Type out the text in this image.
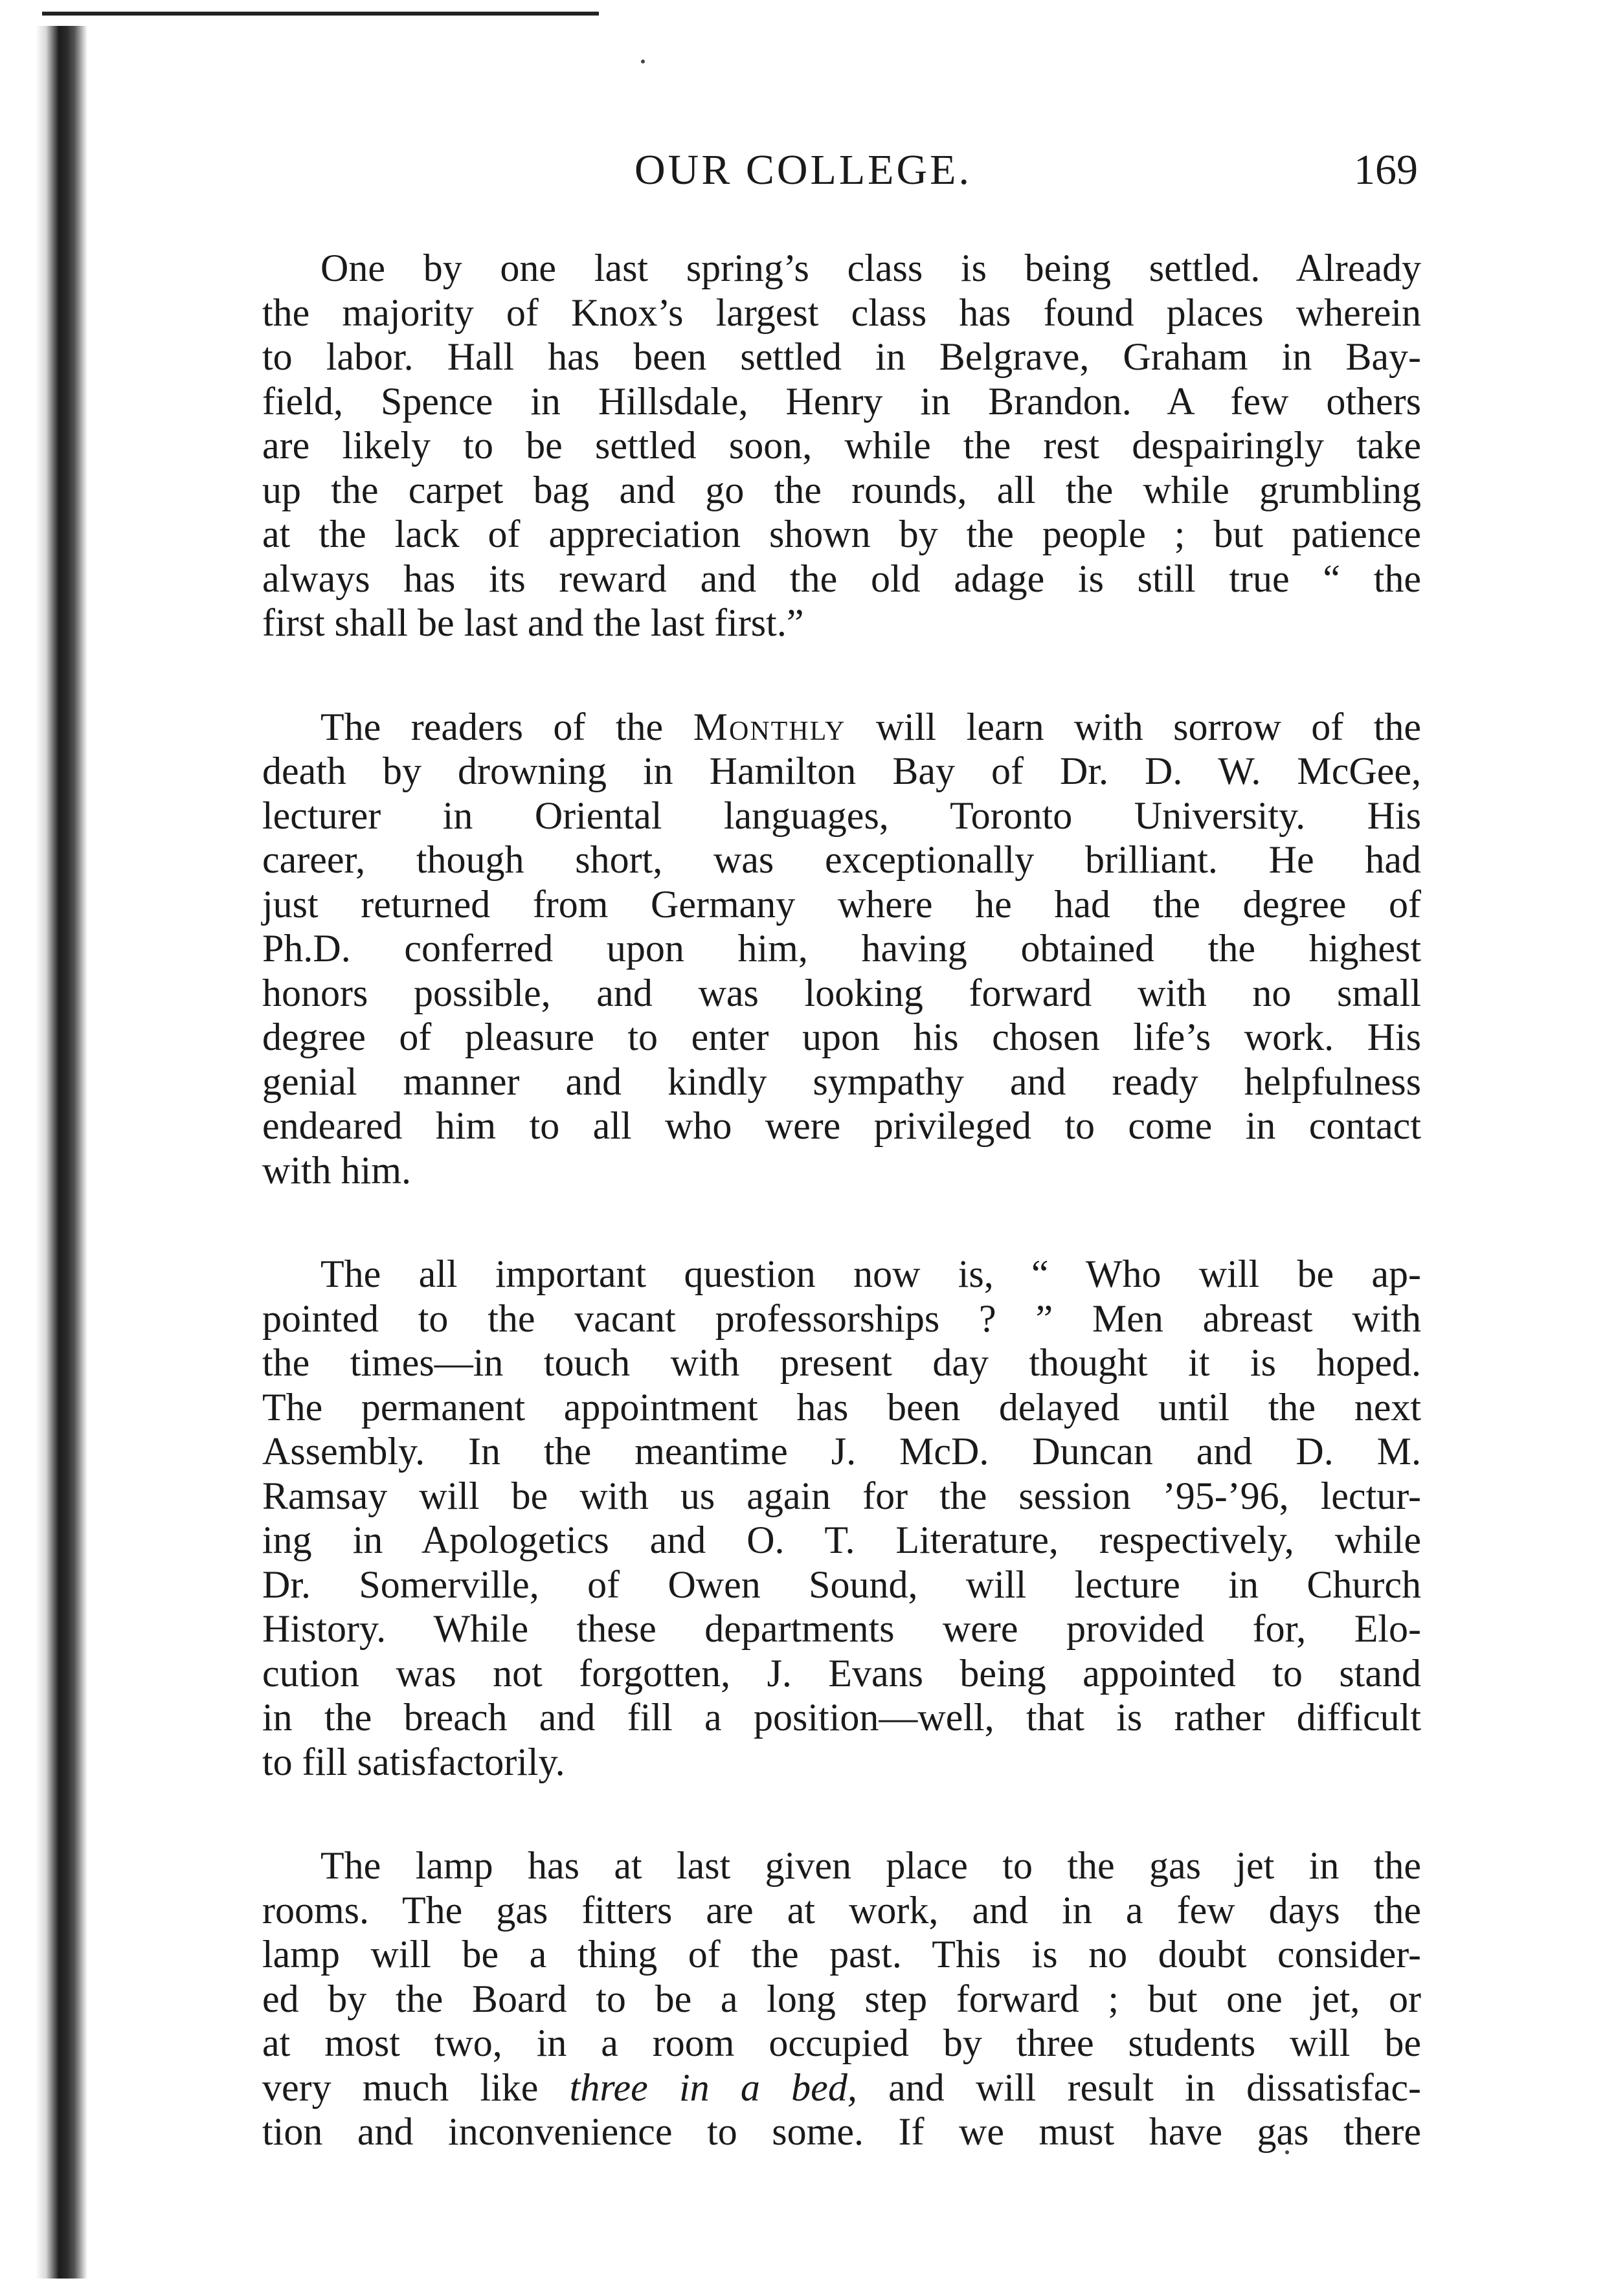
OUR COLLEGE.	169
One by one last spring’s class is being settled. Already
the majority of Knox’s largest class has found places wherein
to labor. Hall has been settled in Belgrave, Graham in Bay-
field, Spence in Hillsdale, Henry in Brandon. A few others
are likely to be settled soon, while the rest despairingly take
up the carpet bag and go the rounds, all the while grumbling
at the lack of appreciation shown by the people ; but patience
always has its reward and the old adage is still true “ the
first shall be last and the last first.”
The readers of the Monthly will learn with sorrow of the
death by drowning in Hamilton Bay of Dr. D. W. McGee,
lecturer in Oriental languages, Toronto University. His
career, though short, was exceptionally brilliant. He had
just returned from Germany where he had the degree of
Ph.D. conferred upon him, having obtained the highest
honors possible, and was looking forward with no small
degree of pleasure to enter upon his chosen life’s work. His
genial manner and kindly sympathy and ready helpfulness
endeared him to all who were privileged to come in contact
with him.
The all important question now is, “ Who will be ap-
pointed to the vacant professorships ? ” Men abreast with
the times—in touch with present day thought it is hoped.
The permanent appointment has been delayed until the next
Assembly. In the meantime J. McD. Duncan and D. M.
Ramsay will be with us again for the session ’95-’96, lectur-
ing in Apologetics and O. T. Literature, respectively, while
Dr. Somerville, of Owen Sound, will lecture in Church
History. While these departments were provided for, Elo-
cution was not forgotten, J. Evans being appointed to stand
in the breach and fill a position—well, that is rather difficult
to fill satisfactorily.
The lamp has at last given place to the gas jet in the
rooms. The gas fitters are at work, and in a few days the
lamp will be a thing of the past. This is no doubt consider-
ed by the Board to be a long step forward ; but one jet, or
at most two, in a room occupied by three students will be
very much like three in a bed, and will result in dissatisfac-
tion and inconvenience to some. If we must have gas there
